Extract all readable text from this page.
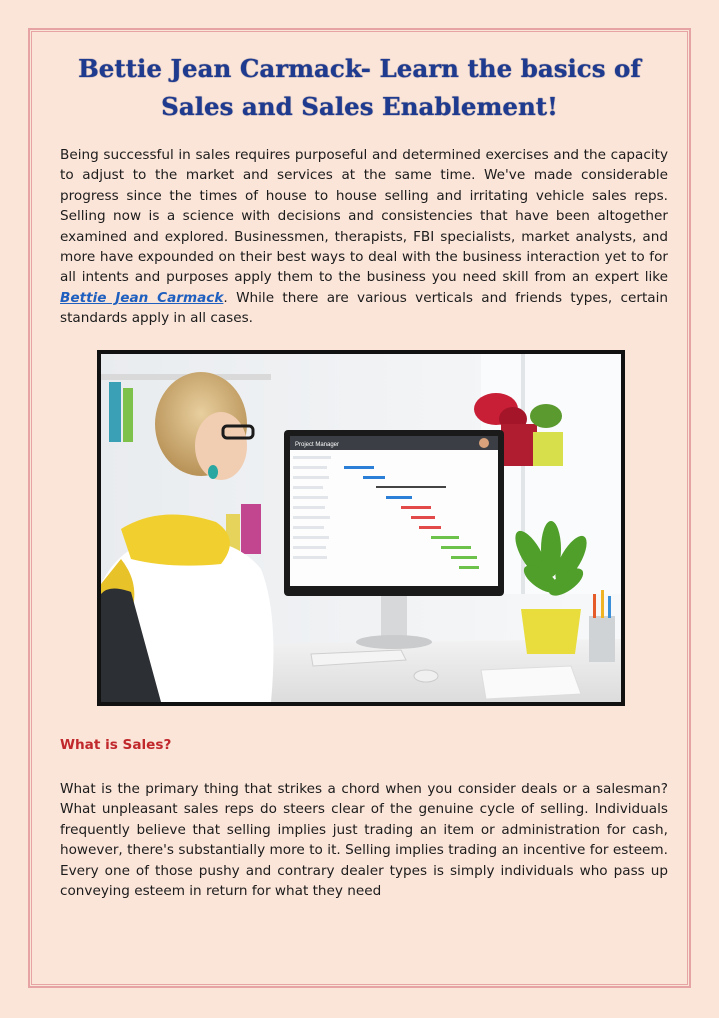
Bettie Jean Carmack- Learn the basics of Sales and Sales Enablement!

Being successful in sales requires purposeful and determined exercises and the capacity to adjust to the market and services at the same time. We've made considerable progress since the times of house to house selling and irritating vehicle sales reps. Selling now is a science with decisions and consistencies that have been altogether examined and explored. Businessmen, therapists, FBI specialists, market analysts, and more have expounded on their best ways to deal with the business interaction yet to for all intents and purposes apply them to the business you need skill from an expert like Bettie Jean Carmack. While there are various verticals and friends types, certain standards apply in all cases.

Project Manager

What is Sales?

What is the primary thing that strikes a chord when you consider deals or a salesman? What unpleasant sales reps do steers clear of the genuine cycle of selling. Individuals frequently believe that selling implies just trading an item or administration for cash, however, there's substantially more to it. Selling implies trading an incentive for esteem. Every one of those pushy and contrary dealer types is simply individuals who pass up conveying esteem in return for what they need
